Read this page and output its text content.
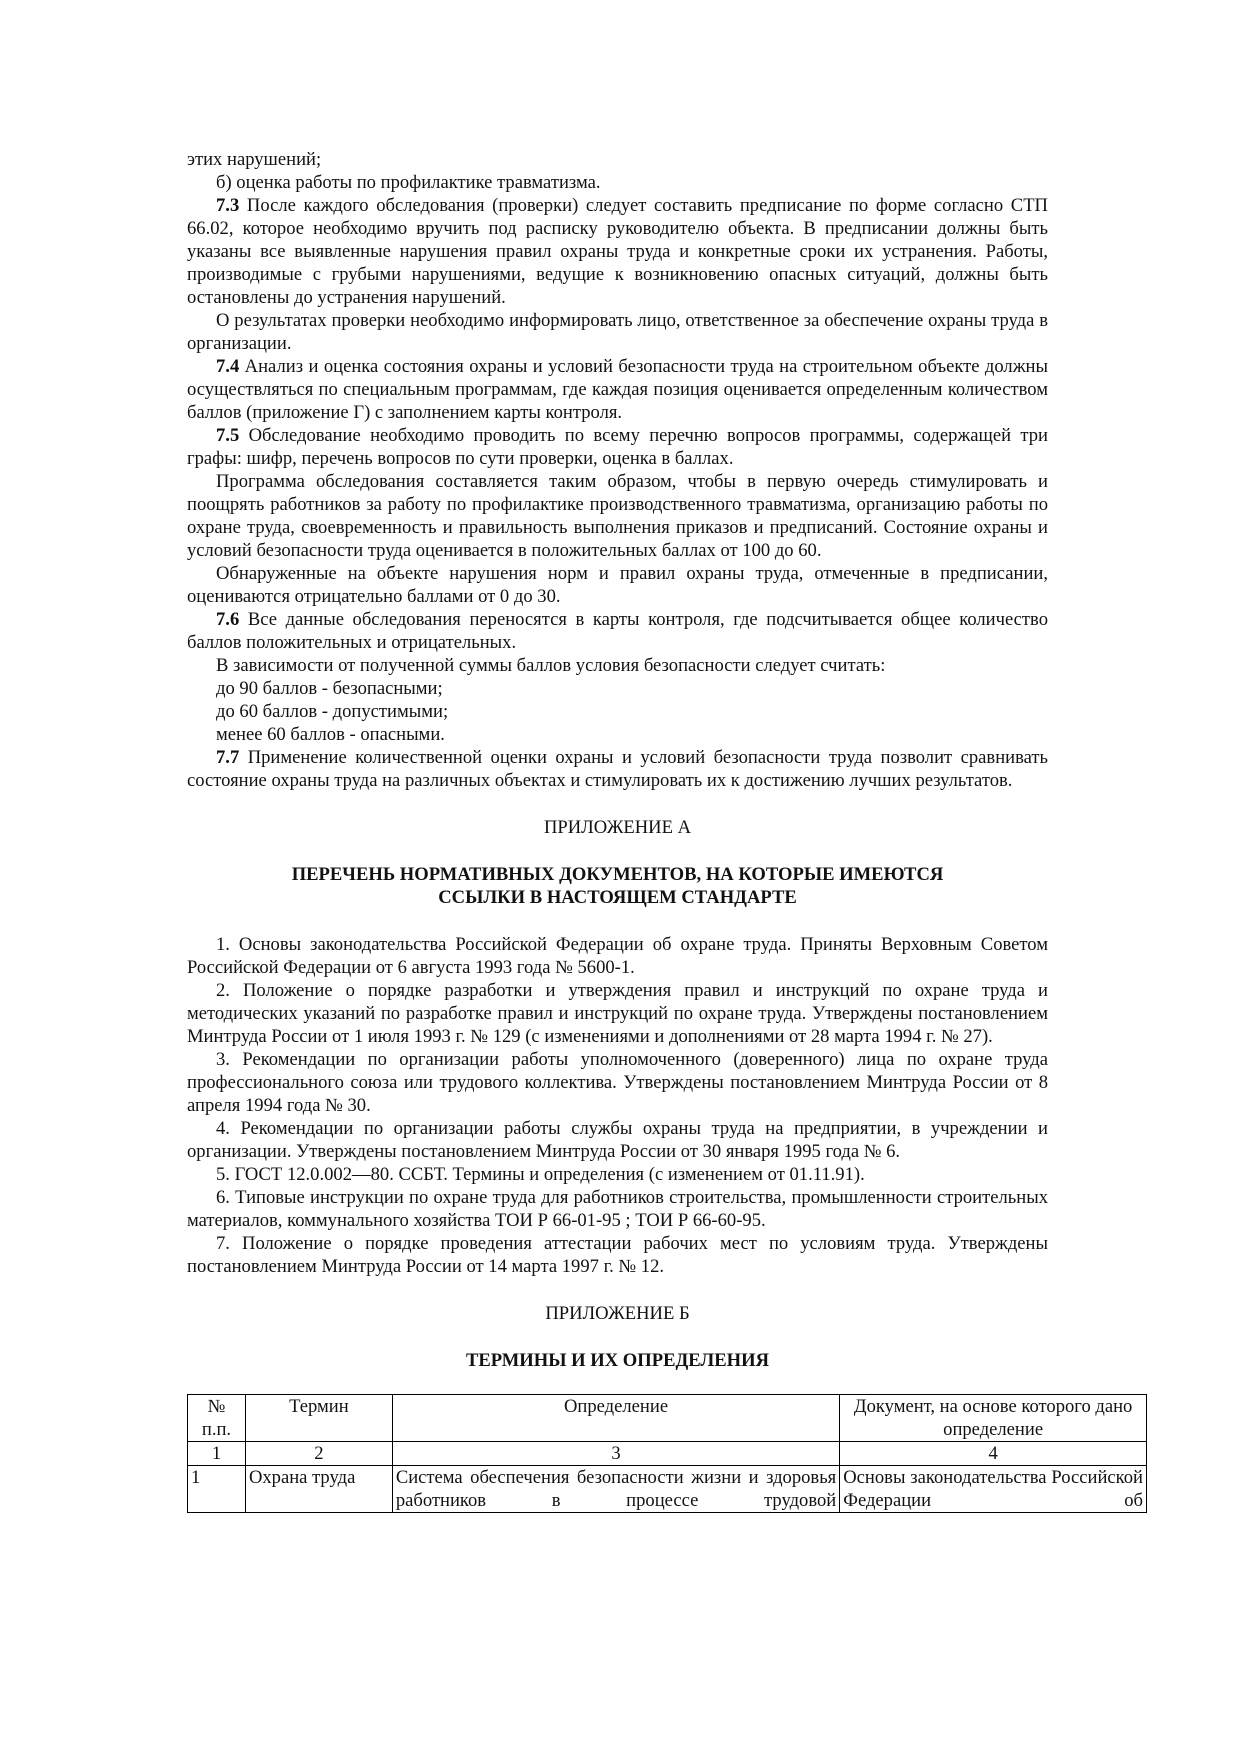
этих нарушений;

б) оценка работы по профилактике травматизма.

7.3 После каждого обследования (проверки) следует составить предписание по форме согласно СТП 66.02, которое необходимо вручить под расписку руководителю объекта. В предписании должны быть указаны все выявленные нарушения правил охраны труда и конкретные сроки их устранения. Работы, производимые с грубыми нарушениями, ведущие к возникновению опасных ситуаций, должны быть остановлены до устранения нарушений.

О результатах проверки необходимо информировать лицо, ответственное за обеспечение охраны труда в организации.

7.4 Анализ и оценка состояния охраны и условий безопасности труда на строительном объекте должны осуществляться по специальным программам, где каждая позиция оценивается определенным количеством баллов (приложение Г) с заполнением карты контроля.

7.5 Обследование необходимо проводить по всему перечню вопросов программы, содержащей три графы: шифр, перечень вопросов по сути проверки, оценка в баллах.

Программа обследования составляется таким образом, чтобы в первую очередь стимулировать и поощрять работников за работу по профилактике производственного травматизма, организацию работы по охране труда, своевременность и правильность выполнения приказов и предписаний. Состояние охраны и условий безопасности труда оценивается в положительных баллах от 100 до 60.

Обнаруженные на объекте нарушения норм и правил охраны труда, отмеченные в предписании, оцениваются отрицательно баллами от 0 до 30.

7.6 Все данные обследования переносятся в карты контроля, где подсчитывается общее количество баллов положительных и отрицательных.

В зависимости от полученной суммы баллов условия безопасности следует считать:

до 90 баллов - безопасными;

до 60 баллов - допустимыми;

менее 60 баллов - опасными.

7.7 Применение количественной оценки охраны и условий безопасности труда позволит сравнивать состояние охраны труда на различных объектах и стимулировать их к достижению лучших результатов.

ПРИЛОЖЕНИЕ А

ПЕРЕЧЕНЬ НОРМАТИВНЫХ ДОКУМЕНТОВ, НА КОТОРЫЕ ИМЕЮТСЯ

ССЫЛКИ В НАСТОЯЩЕМ СТАНДАРТЕ

1. Основы законодательства Российской Федерации об охране труда. Приняты Верховным Советом Российской Федерации от 6 августа 1993 года № 5600-1.

2. Положение о порядке разработки и утверждения правил и инструкций по охране труда и методических указаний по разработке правил и инструкций по охране труда. Утверждены постановлением Минтруда России от 1 июля 1993 г. № 129 (с изменениями и дополнениями от 28 марта 1994 г. № 27).

3. Рекомендации по организации работы уполномоченного (доверенного) лица по охране труда профессионального союза или трудового коллектива. Утверждены постановлением Минтруда России от 8 апреля 1994 года № 30.

4. Рекомендации по организации работы службы охраны труда на предприятии, в учреждении и организации. Утверждены постановлением Минтруда России от 30 января 1995 года № 6.

5. ГОСТ 12.0.002—80. ССБТ. Термины и определения (с изменением от 01.11.91).

6. Типовые инструкции по охране труда для работников строительства, промышленности строительных материалов, коммунального хозяйства ТОИ Р 66-01-95 ; ТОИ Р 66-60-95.

7. Положение о порядке проведения аттестации рабочих мест по условиям труда. Утверждены постановлением Минтруда России от 14 марта 1997 г. № 12.

ПРИЛОЖЕНИЕ Б

ТЕРМИНЫ И ИХ ОПРЕДЕЛЕНИЯ

№ п.п.	Термин	Определение	Документ, на основе которого дано определение
1	2	3	4
1	Охрана труда	Система обеспечения безопасности жизни и здоровья работников в процессе трудовой	Основы законодательства Российской Федерации об
